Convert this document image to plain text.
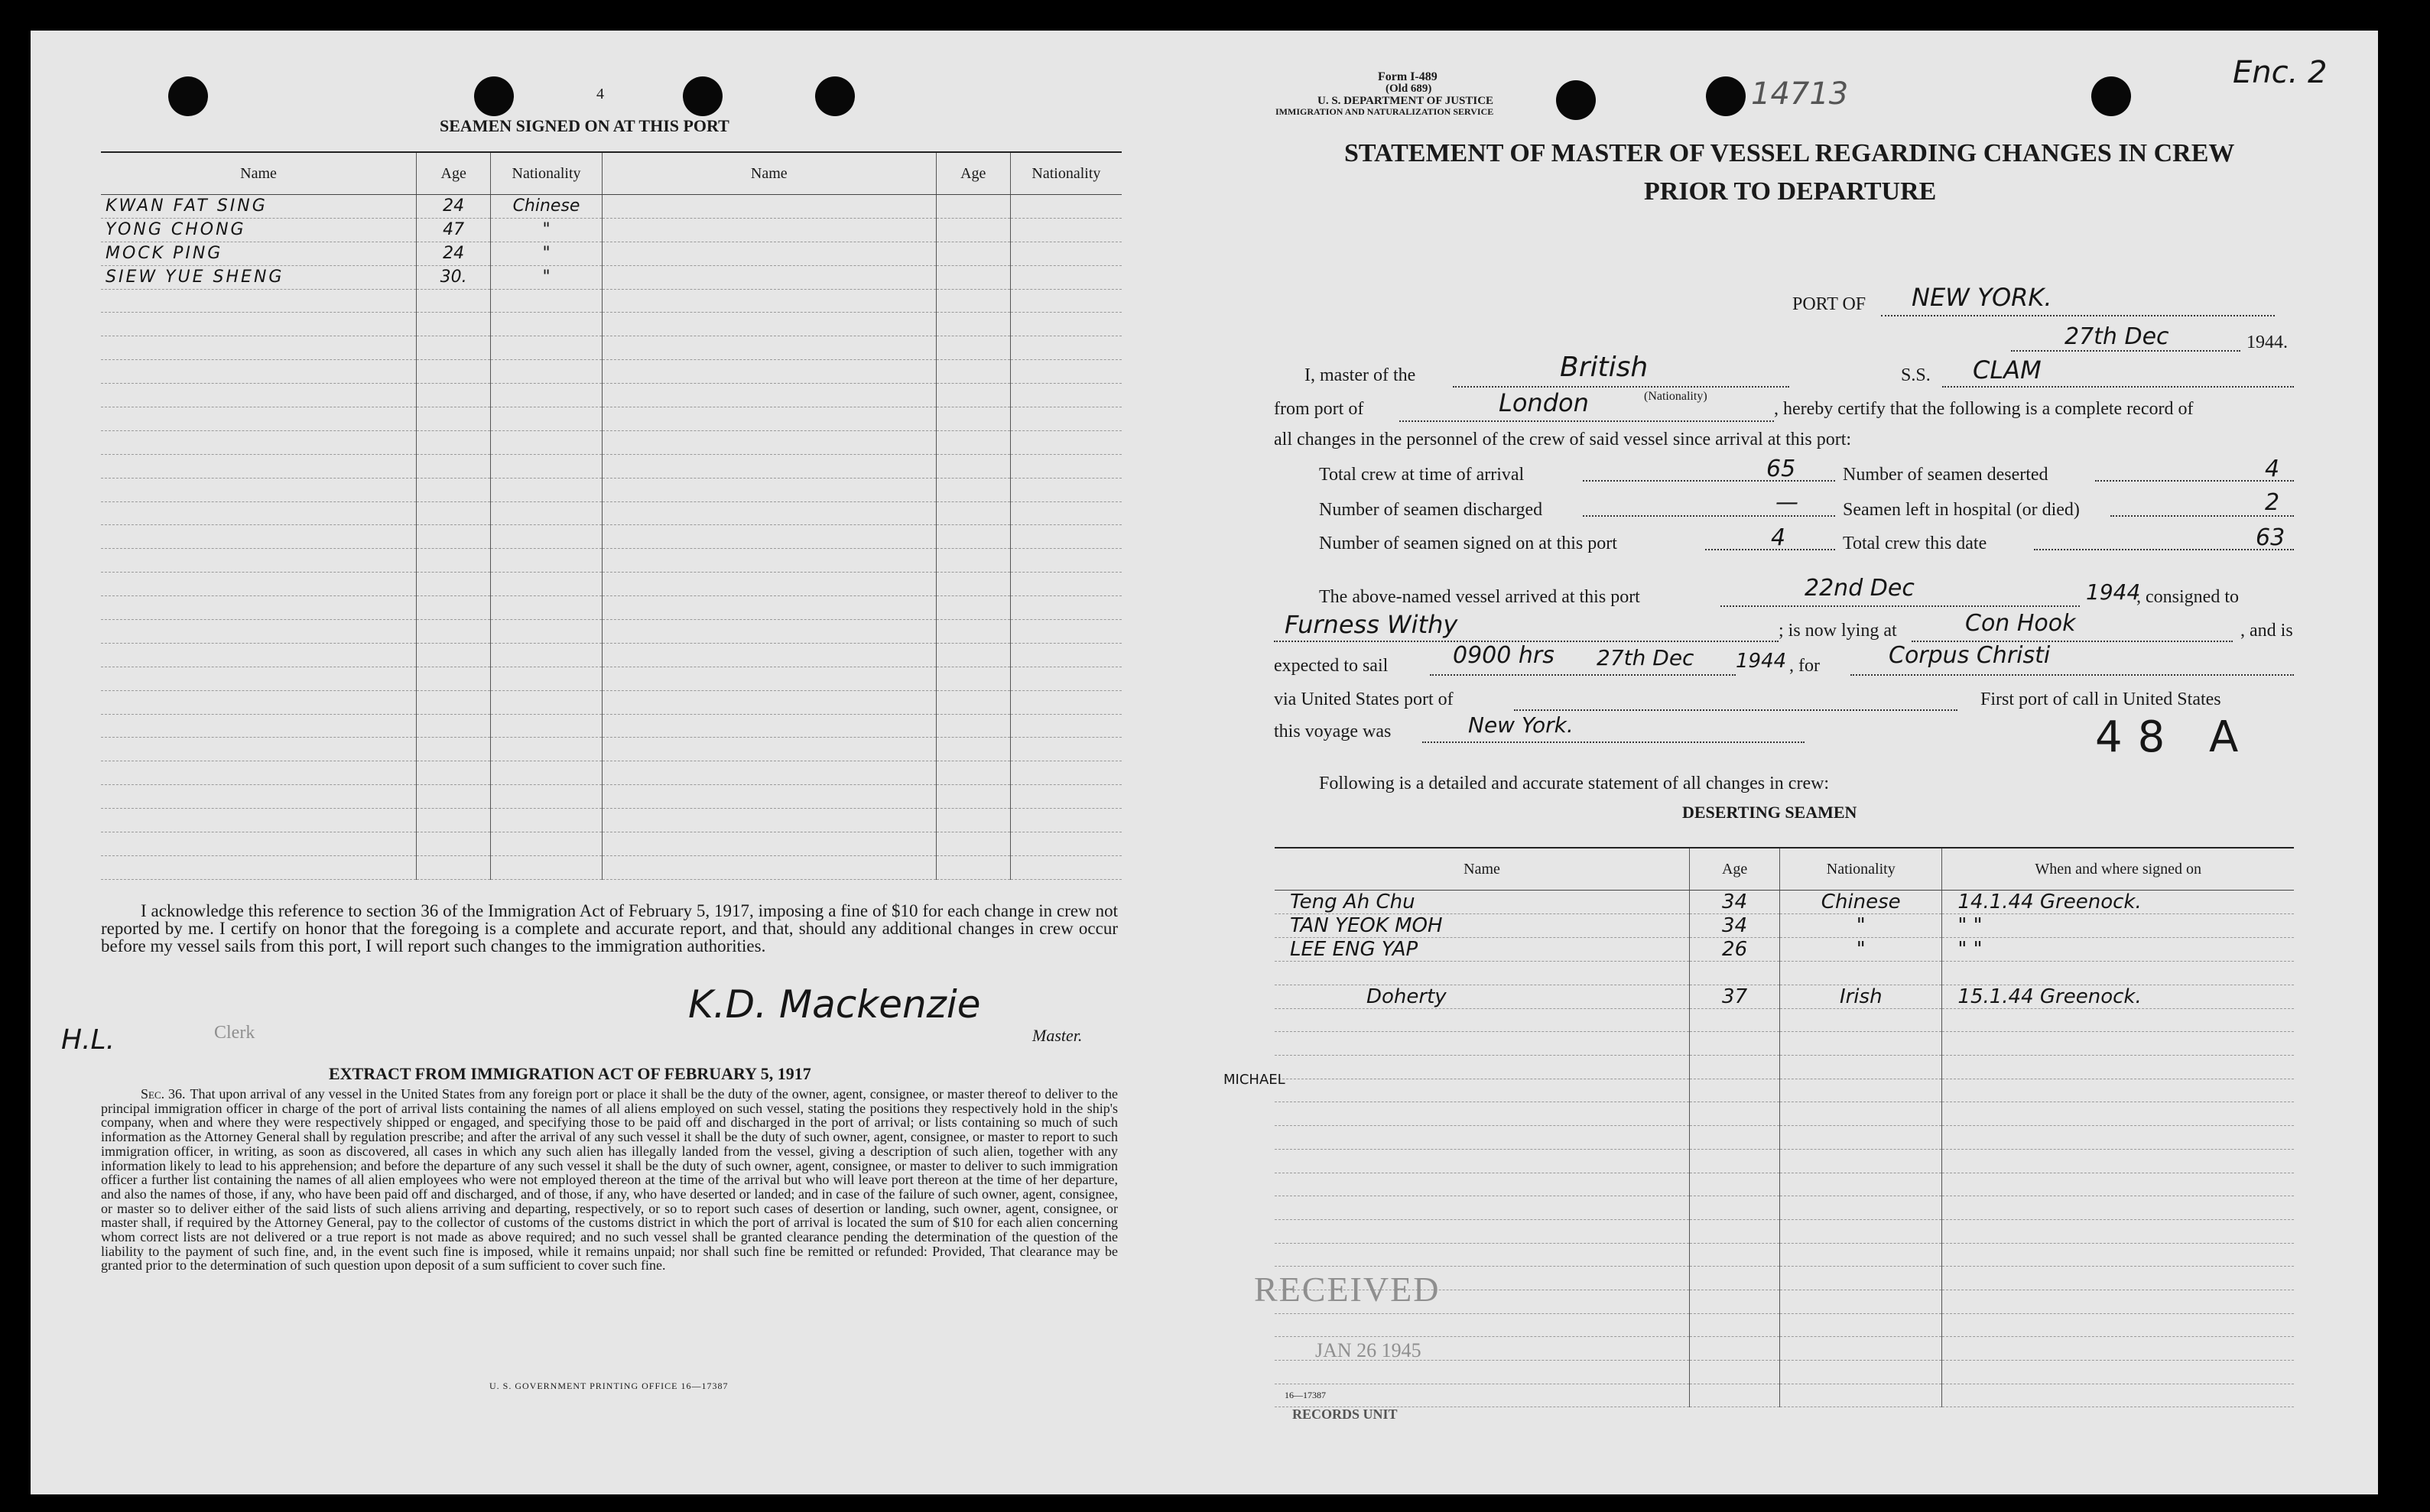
4
SEAMEN SIGNED ON AT THIS PORT
Name	Age	Nationality	Name	Age	Nationality
KWAN FAT SING	24	Chinese			
YONG CHONG	47	"			
MOCK PING	24	"			
SIEW YUE SHENG	30.	"			

I acknowledge this reference to section 36 of the Immigration Act of February 5, 1917, imposing a fine of $10 for each change in crew not reported by me. I certify on honor that the foregoing is a complete and accurate report, and that, should any additional changes in crew occur before my vessel sails from this port, I will report such changes to the immigration authorities.
K.D. Mackenzie
Master.
H.L.	Clerk
EXTRACT FROM IMMIGRATION ACT OF FEBRUARY 5, 1917
Sec. 36. That upon arrival of any vessel in the United States from any foreign port or place it shall be the duty of the owner, agent, consignee, or master thereof to deliver to the principal immigration officer in charge of the port of arrival lists containing the names of all aliens employed on such vessel, stating the positions they respectively hold in the ship's company, when and where they were respectively shipped or engaged, and specifying those to be paid off and discharged in the port of arrival; or lists containing so much of such information as the Attorney General shall by regulation prescribe; and after the arrival of any such vessel it shall be the duty of such owner, agent, consignee, or master to report to such immigration officer, in writing, as soon as discovered, all cases in which any such alien has illegally landed from the vessel, giving a description of such alien, together with any information likely to lead to his apprehension; and before the departure of any such vessel it shall be the duty of such owner, agent, consignee, or master to deliver to such immigration officer a further list containing the names of all alien employees who were not employed thereon at the time of the arrival but who will leave port thereon at the time of her departure, and also the names of those, if any, who have been paid off and discharged, and of those, if any, who have deserted or landed; and in case of the failure of such owner, agent, consignee, or master so to deliver either of the said lists of such aliens arriving and departing, respectively, or so to report such cases of desertion or landing, such owner, agent, consignee, or master shall, if required by the Attorney General, pay to the collector of customs of the customs district in which the port of arrival is located the sum of $10 for each alien concerning whom correct lists are not delivered or a true report is not made as above required; and no such vessel shall be granted clearance pending the determination of the question of the liability to the payment of such fine, and, in the event such fine is imposed, while it remains unpaid; nor shall such fine be remitted or refunded: Provided, That clearance may be granted prior to the determination of such question upon deposit of a sum sufficient to cover such fine.
U. S. GOVERNMENT PRINTING OFFICE 16—17387
Form I-489
(Old 689)
U. S. DEPARTMENT OF JUSTICE
IMMIGRATION AND NATURALIZATION SERVICE	14713
Enc. 2
STATEMENT OF MASTER OF VESSEL REGARDING CHANGES IN CREW
PRIOR TO DEPARTURE
PORT OF NEW YORK.
27th Dec	1944.
I, master of the	British
(Nationality)
S.S. CLAM
from port of	London	, hereby certify that the following is a complete record of
all changes in the personnel of the crew of said vessel since arrival at this port:
Total crew at time of arrival	65	Number of seamen deserted	4
Number of seamen discharged	— Seamen left in hospital (or died)	2
Number of seamen signed on at this port	4	Total crew this date	63
The above-named vessel arrived at this port	22nd Dec	1944
, consigned to
Furness Withy	; is now lying at	Con Hook	, and is
expected to sail	0900 hrs 27th Dec 1944 , for	Corpus Christi
via United States port of	First port of call in United States
this voyage was	New York.	48 A
Following is a detailed and accurate statement of all changes in crew:
DESERTING SEAMEN
Name	Age	Nationality	When and where signed on
Teng Ah Chu	34	Chinese	14.1.44 Greenock.
TAN YEOK MOH	34	"	" "
LEE ENG YAP	26	"	" "

Doherty	37	Irish	15.1.44 Greenock.

MICHAEL
RECEIVED
JAN 26 1945
16—17387
RECORDS UNIT
